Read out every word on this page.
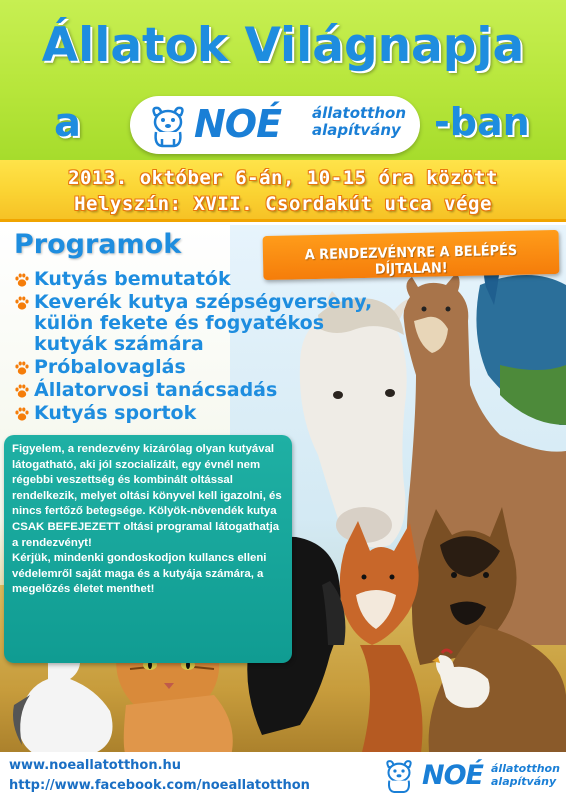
Állatok Világnapja
a	NOÉ állatotthon
alapítvány -ban
2013. október 6-án, 10-15 óra között
Helyszín: XVII. Csordakút utca vége
Programok
Kutyás bemutatók
Keverék kutya szépségverseny, külön fekete és fogyatékos kutyák számára
Próbalovaglás
Állatorvosi tanácsadás
Kutyás sportok
A RENDEZVÉNYRE A BELÉPÉS DÍJTALAN!
Figyelem, a rendezvény kizárólag olyan kutyával látogatható, aki jól szocializált, egy évnél nem régebbi veszettség és kombinált oltással rendelkezik, melyet oltási könyvel kell igazolni, és nincs fertőző betegsége. Kölyök-növendék kutya CSAK BEFEJEZETT oltási programal látogathatja a rendezvényt!
Kérjük, mindenki gondoskodjon kullancs elleni védelemről saját maga és a kutyája számára, a megelőzés életet menthet!
www.noeallatotthon.hu
http://www.facebook.com/noeallatotthon	NOÉ állatotthon
alapítvány
